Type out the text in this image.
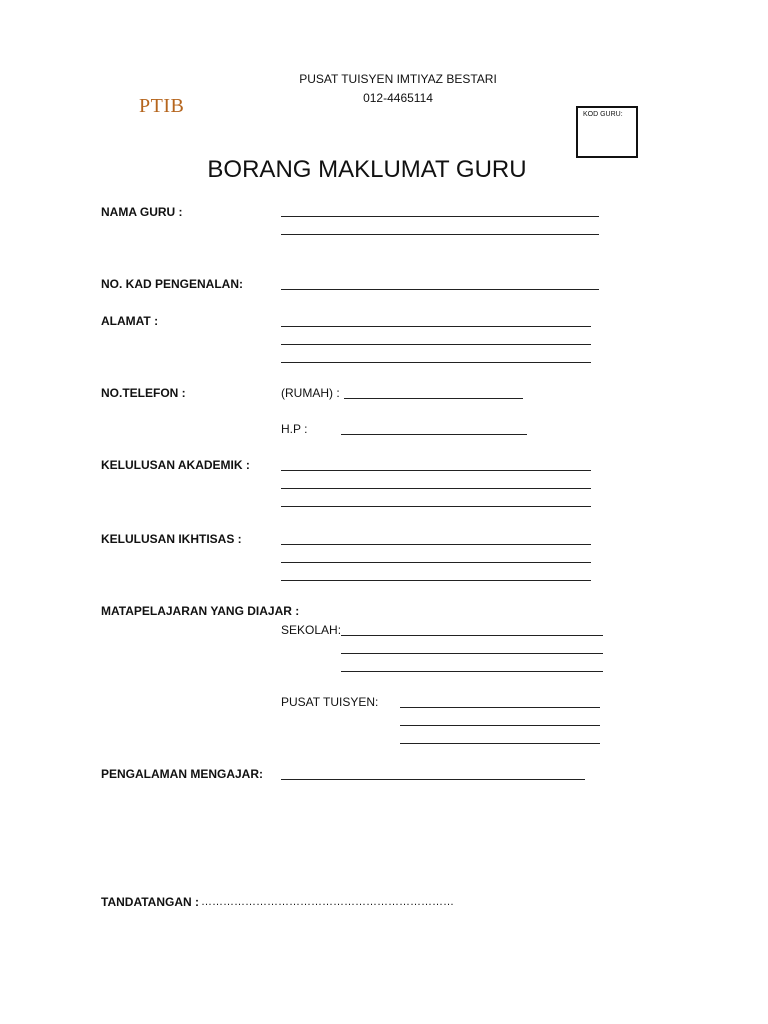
PUSAT TUISYEN IMTIYAZ BESTARI
012-4465114
PTIB	KOD GURU:
BORANG MAKLUMAT GURU
NAMA GURU :
NO. KAD PENGENALAN:
ALAMAT :
NO.TELEFON :	(RUMAH) :
H.P :
KELULUSAN AKADEMIK :
KELULUSAN IKHTISAS :
MATAPELAJARAN YANG DIAJAR :
SEKOLAH:
PUSAT TUISYEN:
PENGALAMAN MENGAJAR:
TANDATANGAN : ……………………………………………………………
